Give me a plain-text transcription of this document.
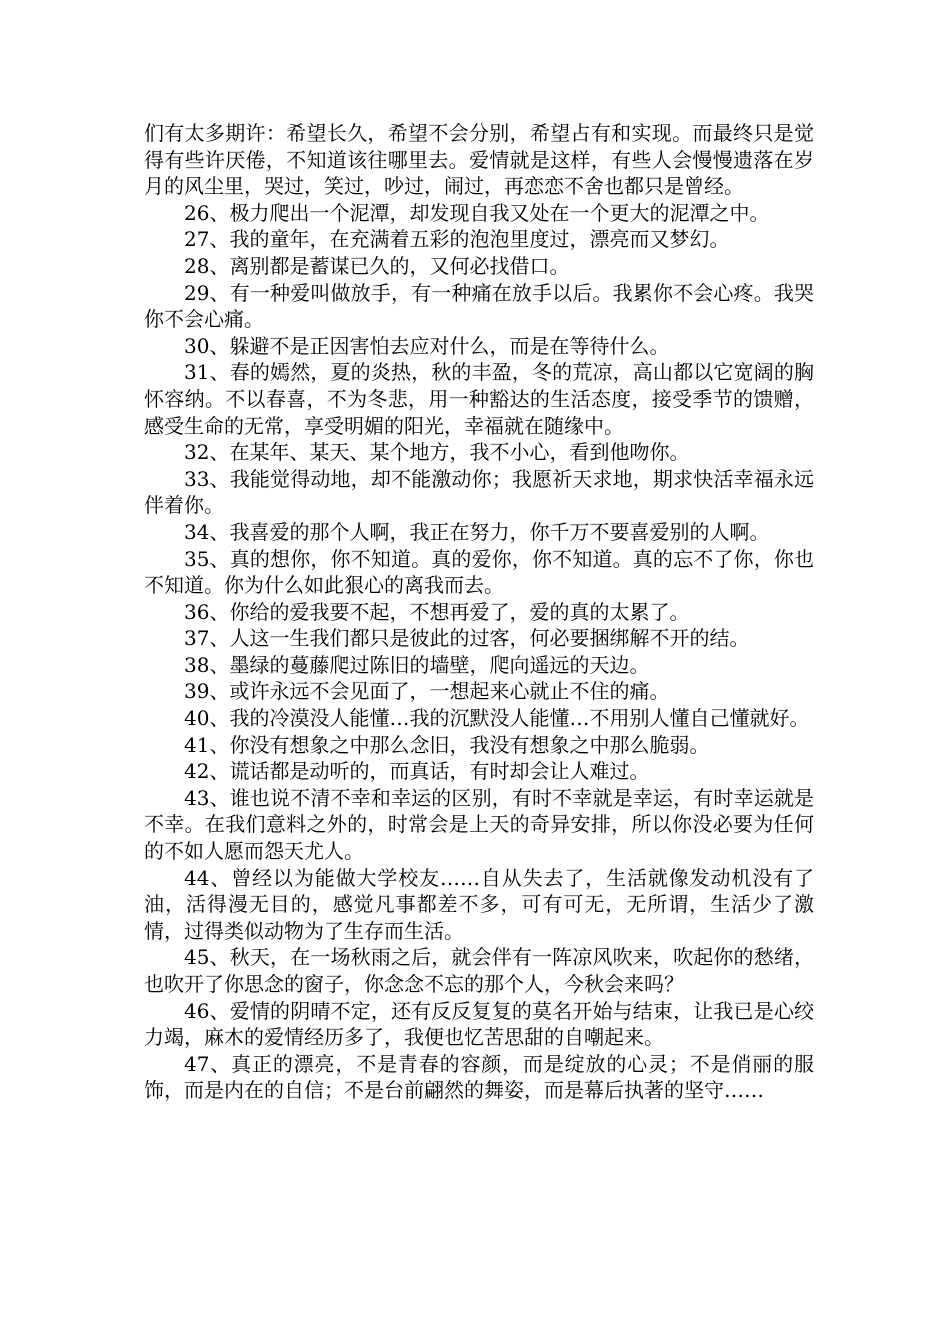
们有太多期许：希望长久，希望不会分别，希望占有和实现。而最终只是觉得有些许厌倦，不知道该往哪里去。爱情就是这样，有些人会慢慢遗落在岁月的风尘里，哭过，笑过，吵过，闹过，再恋恋不舍也都只是曾经。

26、极力爬出一个泥潭，却发现自我又处在一个更大的泥潭之中。

27、我的童年，在充满着五彩的泡泡里度过，漂亮而又梦幻。

28、离别都是蓄谋已久的，又何必找借口。

29、有一种爱叫做放手，有一种痛在放手以后。我累你不会心疼。我哭你不会心痛。

30、躲避不是正因害怕去应对什么，而是在等待什么。

31、春的嫣然，夏的炎热，秋的丰盈，冬的荒凉，高山都以它宽阔的胸怀容纳。不以春喜，不为冬悲，用一种豁达的生活态度，接受季节的馈赠，感受生命的无常，享受明媚的阳光，幸福就在随缘中。

32、在某年、某天、某个地方，我不小心，看到他吻你。

33、我能觉得动地，却不能激动你；我愿祈天求地，期求快活幸福永远伴着你。

34、我喜爱的那个人啊，我正在努力，你千万不要喜爱别的人啊。

35、真的想你，你不知道。真的爱你，你不知道。真的忘不了你，你也不知道。你为什么如此狠心的离我而去。

36、你给的爱我要不起，不想再爱了，爱的真的太累了。

37、人这一生我们都只是彼此的过客，何必要捆绑解不开的结。

38、墨绿的蔓藤爬过陈旧的墙壁，爬向遥远的天边。

39、或许永远不会见面了，一想起来心就止不住的痛。

40、我的冷漠没人能懂…我的沉默没人能懂…不用别人懂自己懂就好。

41、你没有想象之中那么念旧，我没有想象之中那么脆弱。

42、谎话都是动听的，而真话，有时却会让人难过。

43、谁也说不清不幸和幸运的区别，有时不幸就是幸运，有时幸运就是不幸。在我们意料之外的，时常会是上天的奇异安排，所以你没必要为任何的不如人愿而怨天尤人。

44、曾经以为能做大学校友……自从失去了，生活就像发动机没有了油，活得漫无目的，感觉凡事都差不多，可有可无，无所谓，生活少了激情，过得类似动物为了生存而生活。

45、秋天，在一场秋雨之后，就会伴有一阵凉风吹来，吹起你的愁绪，也吹开了你思念的窗子，你念念不忘的那个人，今秋会来吗？

46、爱情的阴晴不定，还有反反复复的莫名开始与结束，让我已是心绞力竭，麻木的爱情经历多了，我便也忆苦思甜的自嘲起来。

47、真正的漂亮，不是青春的容颜，而是绽放的心灵；不是俏丽的服饰，而是内在的自信；不是台前翩然的舞姿，而是幕后执著的坚守……
